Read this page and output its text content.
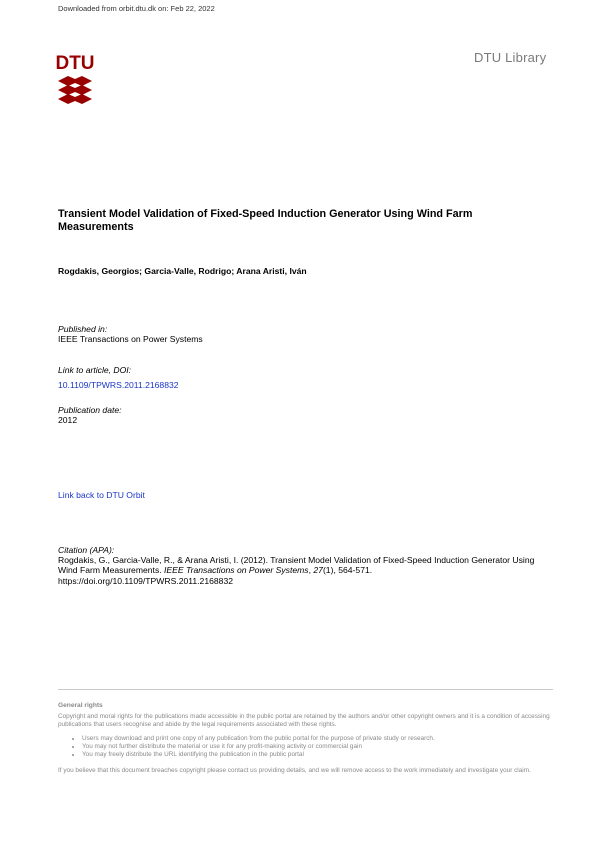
Downloaded from orbit.dtu.dk on: Feb 22, 2022
DTU	DTU Library
Transient Model Validation of Fixed-Speed Induction Generator Using Wind Farm Measurements
Rogdakis, Georgios; Garcia-Valle, Rodrigo; Arana Aristi, Iván
Published in:
IEEE Transactions on Power Systems
Link to article, DOI:
10.1109/TPWRS.2011.2168832
Publication date:
2012
Link back to DTU Orbit
Citation (APA):
Rogdakis, G., Garcia-Valle, R., & Arana Aristi, I. (2012). Transient Model Validation of Fixed-Speed Induction Generator Using Wind Farm Measurements. IEEE Transactions on Power Systems, 27(1), 564-571.
https://doi.org/10.1109/TPWRS.2011.2168832
General rights

Copyright and moral rights for the publications made accessible in the public portal are retained by the authors and/or other copyright owners and it is a condition of accessing publications that users recognise and abide by the legal requirements associated with these rights.

• Users may download and print one copy of any publication from the public portal for the purpose of private study or research.
• You may not further distribute the material or use it for any profit-making activity or commercial gain
• You may freely distribute the URL identifying the publication in the public portal

If you believe that this document breaches copyright please contact us providing details, and we will remove access to the work immediately and investigate your claim.
